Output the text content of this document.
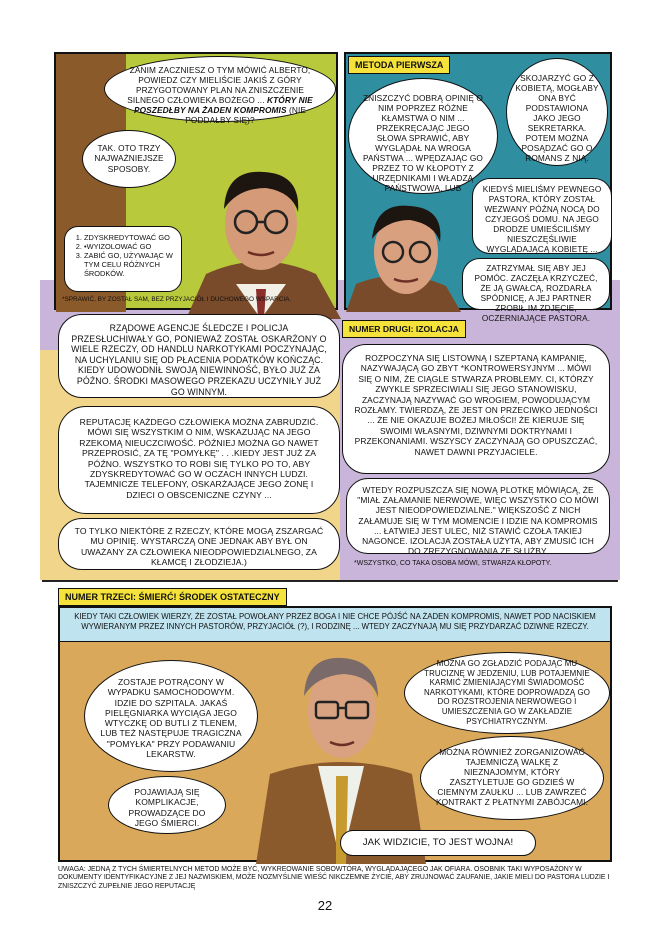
ZANIM ZACZNIESZ O TYM MÓWIĆ ALBERTO, POWIEDZ CZY MIELIŚCIE JAKIŚ Z GÓRY PRZYGOTOWANY PLAN NA ZNISZCZENIE SILNEGO CZŁOWIEKA BOŻEGO ... KTÓRY NIE POSZEDŁBY NA ŻADEN KOMPROMIS (NIE PODDAŁBY SIĘ)?
TAK. OTO TRZY NAJWAŻNIEJSZE SPOSOBY.
1. ZDYSKREDYTOWAĆ GO
2. •WYIZOLOWAĆ GO
3. ZABIĆ GO, UŻYWAJĄC W TYM CELU RÓŻNYCH ŚRODKÓW.
*SPRAWIĆ, BY ZOSTAŁ SAM, BEZ PRZYJACIÓŁ I DUCHOWEGO WSPARCIA.
METODA PIERWSZA
ZNISZCZYĆ DOBRĄ OPINIĘ O NIM POPRZEZ RÓŻNE KŁAMSTWA O NIM ... PRZEKRĘCAJĄC JEGO SŁOWA SPRAWIĆ, ABY WYGLĄDAŁ NA WROGA PAŃSTWA ... WPĘDZAJĄC GO PRZEZ TO W KŁOPOTY Z URZĘDNIKAMI I WŁADZĄ PAŃSTWOWĄ, LUB
SKOJARZYĆ GO Z KOBIETĄ, MOGŁABY ONA BYĆ PODSTAWIONA JAKO JEGO SEKRETARKA. POTEM MOŻNA POSĄDZAĆ GO O ROMANS Z NIĄ.
KIEDYŚ MIELIŚMY PEWNEGO PASTORA, KTÓRY ZOSTAŁ WEZWANY PÓŹNĄ NOCĄ DO CZYJEGOŚ DOMU. NA JEGO DRODZE UMIEŚCILIŚMY NIESZCZĘŚLIWIE WYGLĄDAJĄCĄ KOBIETĘ ...
ZATRZYMAŁ SIĘ ABY JEJ POMÓC. ZACZĘŁA KRZYCZEĆ, ŻE JĄ GWAŁCĄ, ROZDARŁA SPÓDNICĘ, A JEJ PARTNER ZROBIŁ IM ZDJĘCIE, OCZERNIAJĄCE PASTORA.
RZĄDOWE AGENCJE ŚLEDCZE I POLICJA PRZESŁUCHIWAŁY GO, PONIEWAŻ ZOSTAŁ OSKARŻONY O WIELE RZECZY, OD HANDLU NARKOTYKAMI POCZYNAJĄC, NA UCHYLANIU SIĘ OD PŁACENIA PODATKÓW KOŃCZĄC. KIEDY UDOWODNIŁ SWOJĄ NIEWINNOŚĆ, BYŁO JUŻ ZA PÓŹNO. ŚRODKI MASOWEGO PRZEKAZU UCZYNIŁY JUŻ GO WINNYM.
REPUTACJĘ KAŻDEGO CZŁOWIEKA MOŻNA ZABRUDZIĆ. MÓWI SIĘ WSZYSTKIM O NIM, WSKAZUJĄC NA JEGO RZEKOMĄ NIEUCZCIWOŚĆ. PÓŹNIEJ MOŻNA GO NAWET PRZEPROSIĆ, ZA TĘ "POMYŁKĘ" . . .KIEDY JEST JUŻ ZA PÓŹNO. WSZYSTKO TO ROBI SIĘ TYLKO PO TO, ABY ZDYSKREDYTOWAĆ GO W OCZACH INNYCH LUDZI. TAJEMNICZE TELEFONY, OSKARŻAJĄCE JEGO ŻONĘ I DZIECI O OBSCENICZNE CZYNY ...
TO TYLKO NIEKTÓRE Z RZECZY, KTÓRE MOGĄ ZSZARGAĆ MU OPINIĘ. WYSTARCZĄ ONE JEDNAK ABY BYŁ ON UWAŻANY ZA CZŁOWIEKA NIEODPOWIEDZIALNEGO, ZA KŁAMCĘ I ZŁODZIEJA.)
NUMER DRUGI: IZOLACJA
ROZPOCZYNA SIĘ LISTOWNĄ I SZEPTANĄ KAMPANIĘ, NAZYWAJĄCĄ GO ZBYT *KONTROWERSYJNYM ... MÓWI SIĘ O NIM, ŻE CIĄGLE STWARZA PROBLEMY. CI, KTÓRZY ZWYKLE SPRZECIWIALI SIĘ JEGO STANOWISKU, ZACZYNAJĄ NAZYWAĆ GO WROGIEM, POWODUJĄCYM ROZŁAMY. TWIERDZĄ, ŻE JEST ON PRZECIWKO JEDNOŚCI ... ŻE NIE OKAZUJE BOŻEJ MIŁOŚCI! ŻE KIERUJE SIĘ SWOIMI WŁASNYMI, DZIWNYMI DOKTRYNAMI I PRZEKONANIAMI. WSZYSCY ZACZYNAJĄ GO OPUSZCZAĆ, NAWET DAWNI PRZYJACIELE.
WTEDY ROZPUSZCZA SIĘ NOWĄ PLOTKĘ MÓWIĄCĄ, ŻE "MIAŁ ZAŁAMANIE NERWOWE, WIĘC WSZYSTKO CO MÓWI JEST NIEODPOWIEDZIALNE." WIĘKSZOŚĆ Z NICH ZAŁAMUJE SIĘ W TYM MOMENCIE I IDZIE NA KOMPROMIS ... ŁATWIEJ JEST ULEC, NIŻ STAWIĆ CZOŁA TAKIEJ NAGONCE. IZOLACJA ZOSTAŁA UŻYTA, ABY ZMUSIĆ ICH DO ZREZYGNOWANIA ZE SŁUŻBY.
*WSZYSTKO, CO TAKA OSOBA MÓWI, STWARZA KŁOPOTY.
NUMER TRZECI: ŚMIERĆ! ŚRODEK OSTATECZNY
KIEDY TAKI CZŁOWIEK WIERZY, ŻE ZOSTAŁ POWOŁANY PRZEZ BOGA I NIE CHCE PÓJŚĆ NA ŻADEN KOMPROMIS, NAWET POD NACISKIEM WYWIERANYM PRZEZ INNYCH PASTORÓW, PRZYJACIÓŁ (?), I RODZINĘ ... WTEDY ZACZYNAJĄ MU SIĘ PRZYDARZAĆ DZIWNE RZECZY.
ZOSTAJE POTRĄCONY W WYPADKU SAMOCHODOWYM. IDZIE DO SZPITALA. JAKAŚ PIELĘGNIARKA WYCIĄGA JEGO WTYCZKĘ OD BUTLI Z TLENEM, LUB TEŻ NASTĘPUJE TRAGICZNA "POMYŁKA" PRZY PODAWANIU LEKARSTW.
POJAWIAJĄ SIĘ KOMPLIKACJE, PROWADZĄCE DO JEGO ŚMIERCI.
MOŻNA GO ZGŁADZIĆ PODAJĄC MU TRUCIZNĘ W JEDZENIU, LUB POTAJEMNIE KARMIĆ ZMIENIAJĄCYMI ŚWIADOMOŚĆ NARKOTYKAMI, KTÓRE DOPROWADZĄ GO DO ROZSTROJENIA NERWOWEGO I UMIESZCZENIA GO W ZAKŁADZIE PSYCHIATRYCZNYM.
MOŻNA RÓWNIEŻ ZORGANIZOWAĆ TAJEMNICZĄ WALKĘ Z NIEZNAJOMYM, KTÓRY ZASZTYLETUJE GO GDZIEŚ W CIEMNYM ZAUŁKU ... LUB ZAWRZEĆ KONTRAKT Z PŁATNYMI ZABÓJCAMI.
JAK WIDZICIE, TO JEST WOJNA!
UWAGA: JEDNĄ Z TYCH ŚMIERTELNYCH METOD MOŻE BYĆ, WYKREOWANIE SOBOWTÓRA, WYGLĄDAJĄCEGO JAK OFIARA. OSOBNIK TAKI WYPOSAŻONY W DOKUMENTY IDENTYFIKACYJNE Z JEJ NAZWISKIEM, MOŻE NOZMYŚLNIE WIEŚĆ NIKCZEMNE ŻYCIE, ABY ZRUJNOWAĆ ZAUFANIE, JAKIE MIELI DO PASTORA LUDZIE I ZNISZCZYĆ ZUPEŁNIE JEGO REPUTACJĘ
22
